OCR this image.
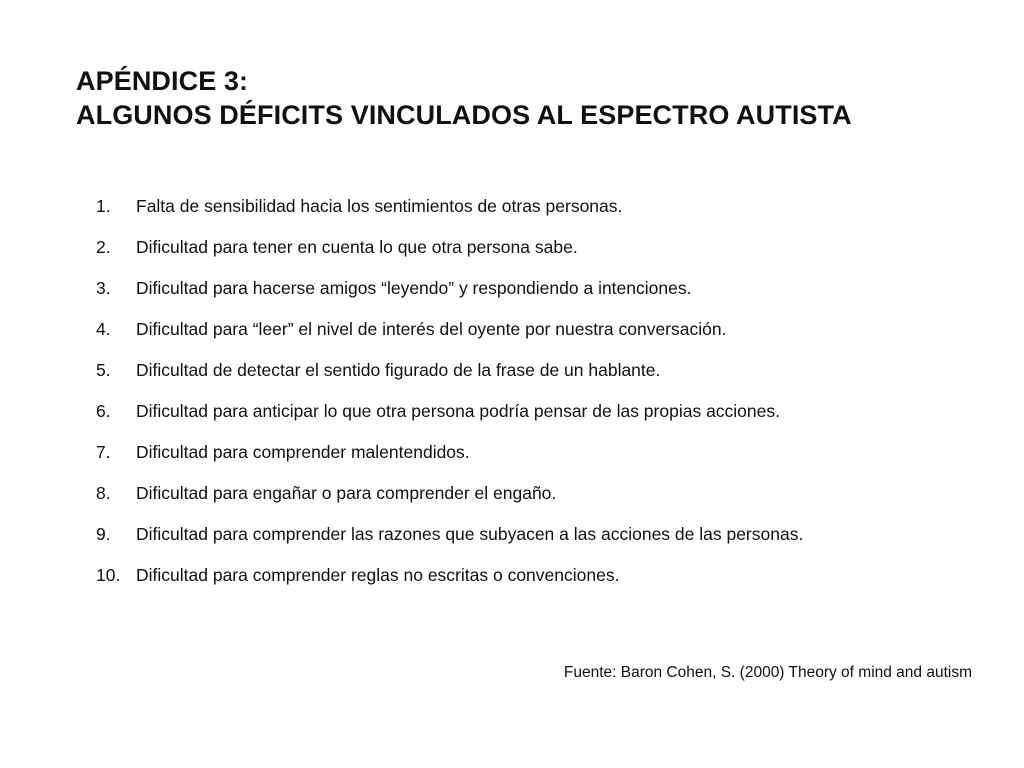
APÉNDICE 3:
ALGUNOS DÉFICITS VINCULADOS AL ESPECTRO AUTISTA
1.	Falta de sensibilidad hacia los sentimientos de otras personas.
2.	Dificultad para tener en cuenta lo que otra persona sabe.
3.	Dificultad para hacerse amigos “leyendo” y respondiendo a intenciones.
4.	Dificultad para “leer” el nivel de interés del oyente por nuestra conversación.
5.	Dificultad de detectar el sentido figurado de la frase de un hablante.
6.	Dificultad para anticipar lo que otra persona podría pensar de las propias acciones.
7.	Dificultad para comprender malentendidos.
8.	Dificultad para engañar o para comprender el engaño.
9.	Dificultad para comprender las razones que subyacen a las acciones de las personas.
10. Dificultad para comprender reglas no escritas o convenciones.
Fuente: Baron Cohen, S. (2000) Theory of mind and autism
